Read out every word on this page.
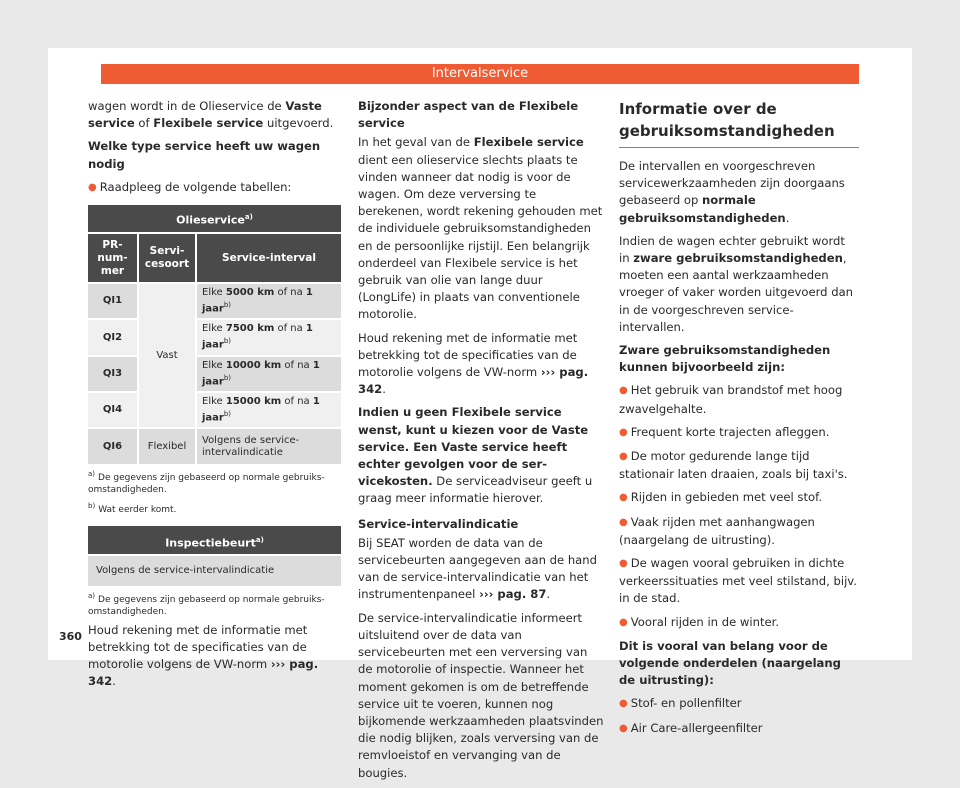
Intervalservice

wagen wordt in de Olieservice de Vaste service of Flexibele service uitgevoerd.

Welke type service heeft uw wagen nodig

● Raadpleeg de volgende tabellen:

Olieservice$^{a)}$
PR-num-mer	Servi-cesoort	Service-interval
QI1	Vast	Elke 5000 km of na 1 jaar$^{b)}$
QI2		Elke 7500 km of na 1 jaar$^{b)}$
QI3		Elke 10000 km of na 1 jaar$^{b)}$
QI4		Elke 15000 km of na 1 jaar$^{b)}$
QI6	Flexibel	Volgens de service-intervalindicatie
$^{a)}$ De gegevens zijn gebaseerd op normale gebruiksomstandigheden.
$^{b)}$ Wat eerder komt.
Inspectiebeurt$^{a)}$
Volgens de service-intervalindicatie
$^{a)}$ De gegevens zijn gebaseerd op normale gebruiksomstandigheden.

Houd rekening met de informatie met betrekking tot de specificaties van de motorolie volgens de VW-norm ››› pag. 342.

Bijzonder aspect van de Flexibele service

In het geval van de Flexibele service dient een olieservice slechts plaats te vinden wanneer dat nodig is voor de wagen. Om deze verversing te berekenen, wordt rekening gehouden met de individuele gebruiksomstandigheden en de persoonlijke rijstijl. Een belangrijk onderdeel van Flexibele service is het gebruik van olie van lange duur (LongLife) in plaats van conventionele motorolie.

Houd rekening met de informatie met betrekking tot de specificaties van de motorolie volgens de VW-norm ››› pag. 342.

Indien u geen Flexibele service wenst, kunt u kiezen voor de Vaste service. Een Vaste service heeft echter gevolgen voor de servicekosten. De serviceadviseur geeft u graag meer informatie hierover.

Service-intervalindicatie

Bij SEAT worden de data van de servicebeurten aangegeven aan de hand van de service-intervalindicatie van het instrumentenpaneel ››› pag. 87.

De service-intervalindicatie informeert uitsluitend over de data van servicebeurten met een verversing van de motorolie of inspectie. Wanneer het moment gekomen is om de betreffende service uit te voeren, kunnen nog bijkomende werkzaamheden plaatsvinden die nodig blijken, zoals verversing van de remvloeistof en vervanging van de bougies.

Informatie over de gebruiksomstandigheden

De intervallen en voorgeschreven servicewerkzaamheden zijn doorgaans gebaseerd op normale gebruiksomstandigheden.

Indien de wagen echter gebruikt wordt in zware gebruiksomstandigheden, moeten een aantal werkzaamheden vroeger of vaker worden uitgevoerd dan in de voorgeschreven service-intervallen.

Zware gebruiksomstandigheden kunnen bijvoorbeeld zijn:

● Het gebruik van brandstof met hoog zwavelgehalte.

● Frequent korte trajecten afleggen.

● De motor gedurende lange tijd stationair laten draaien, zoals bij taxi's.

● Rijden in gebieden met veel stof.

● Vaak rijden met aanhangwagen (naargelang de uitrusting).

● De wagen vooral gebruiken in dichte verkeerssituaties met veel stilstand, bijv. in de stad.

● Vooral rijden in de winter.

Dit is vooral van belang voor de volgende onderdelen (naargelang de uitrusting):

● Stof- en pollenfilter

● Air Care-allergeenfilter

360
